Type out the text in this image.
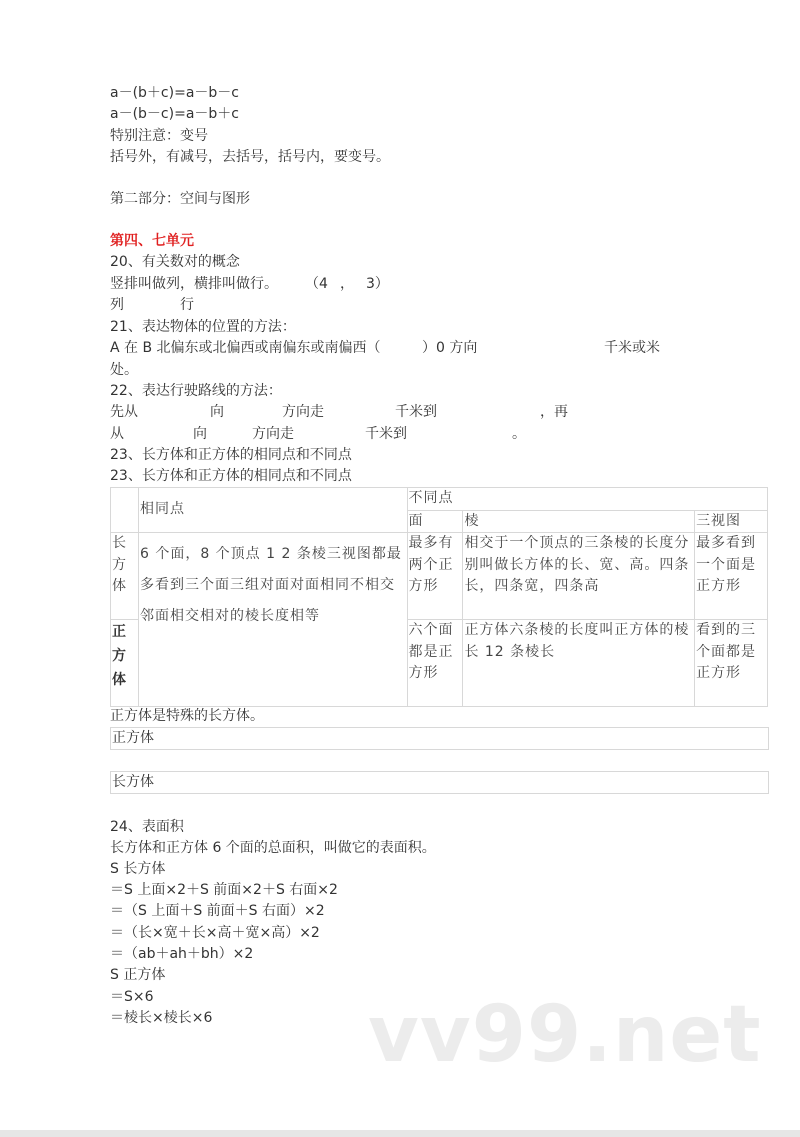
a－(b＋c)=a－b－c
a－(b－c)=a－b＋c
特别注意：变号
括号外，有减号，去括号，括号内，要变号。
第二部分：空间与图形
第四、七单元
20、有关数对的概念

竖排叫做列，横排叫做行。

（4

，

3）

列

	行

21、表达物体的位置的方法：

A 在 B 北偏东或北偏西或南偏东或南偏西（

	）0 方向

	千米或米

处。
22、表达行驶路线的方法：

先从

	向

	方向走

	千米到

	，再

从

	向

	方向走

	千米到

	。

23、长方体和正方体的相同点和不同点
23、长方体和正方体的相同点和不同点
	相同点	不同点		
		面	棱	三视图
长方体	6 个面，8 个顶点 1 2 条棱三视图都最多看到三个面三组对面对面相同不相交邻面相交相对的棱长度相等	最多有两个正方形	相交于一个顶点的三条棱的长度分别叫做长方体的长、宽、高。四条长，四条宽，四条高	最多看到一个面是正方形
正方体		六个面都是正方形	正方体六条棱的长度叫正方体的棱长 12 条棱长	看到的三个面都是正方形
正方体是特殊的长方体。
正方体
长方体
24、表面积
长方体和正方体 6 个面的总面积，叫做它的表面积。
S 长方体
＝S 上面×2＋S 前面×2＋S 右面×2
＝（S 上面＋S 前面＋S 右面）×2
＝（长×宽＋长×高＋宽×高）×2
＝（ab＋ah＋bh）×2
S 正方体
＝S×6
＝棱长×棱长×6 vv99.net
